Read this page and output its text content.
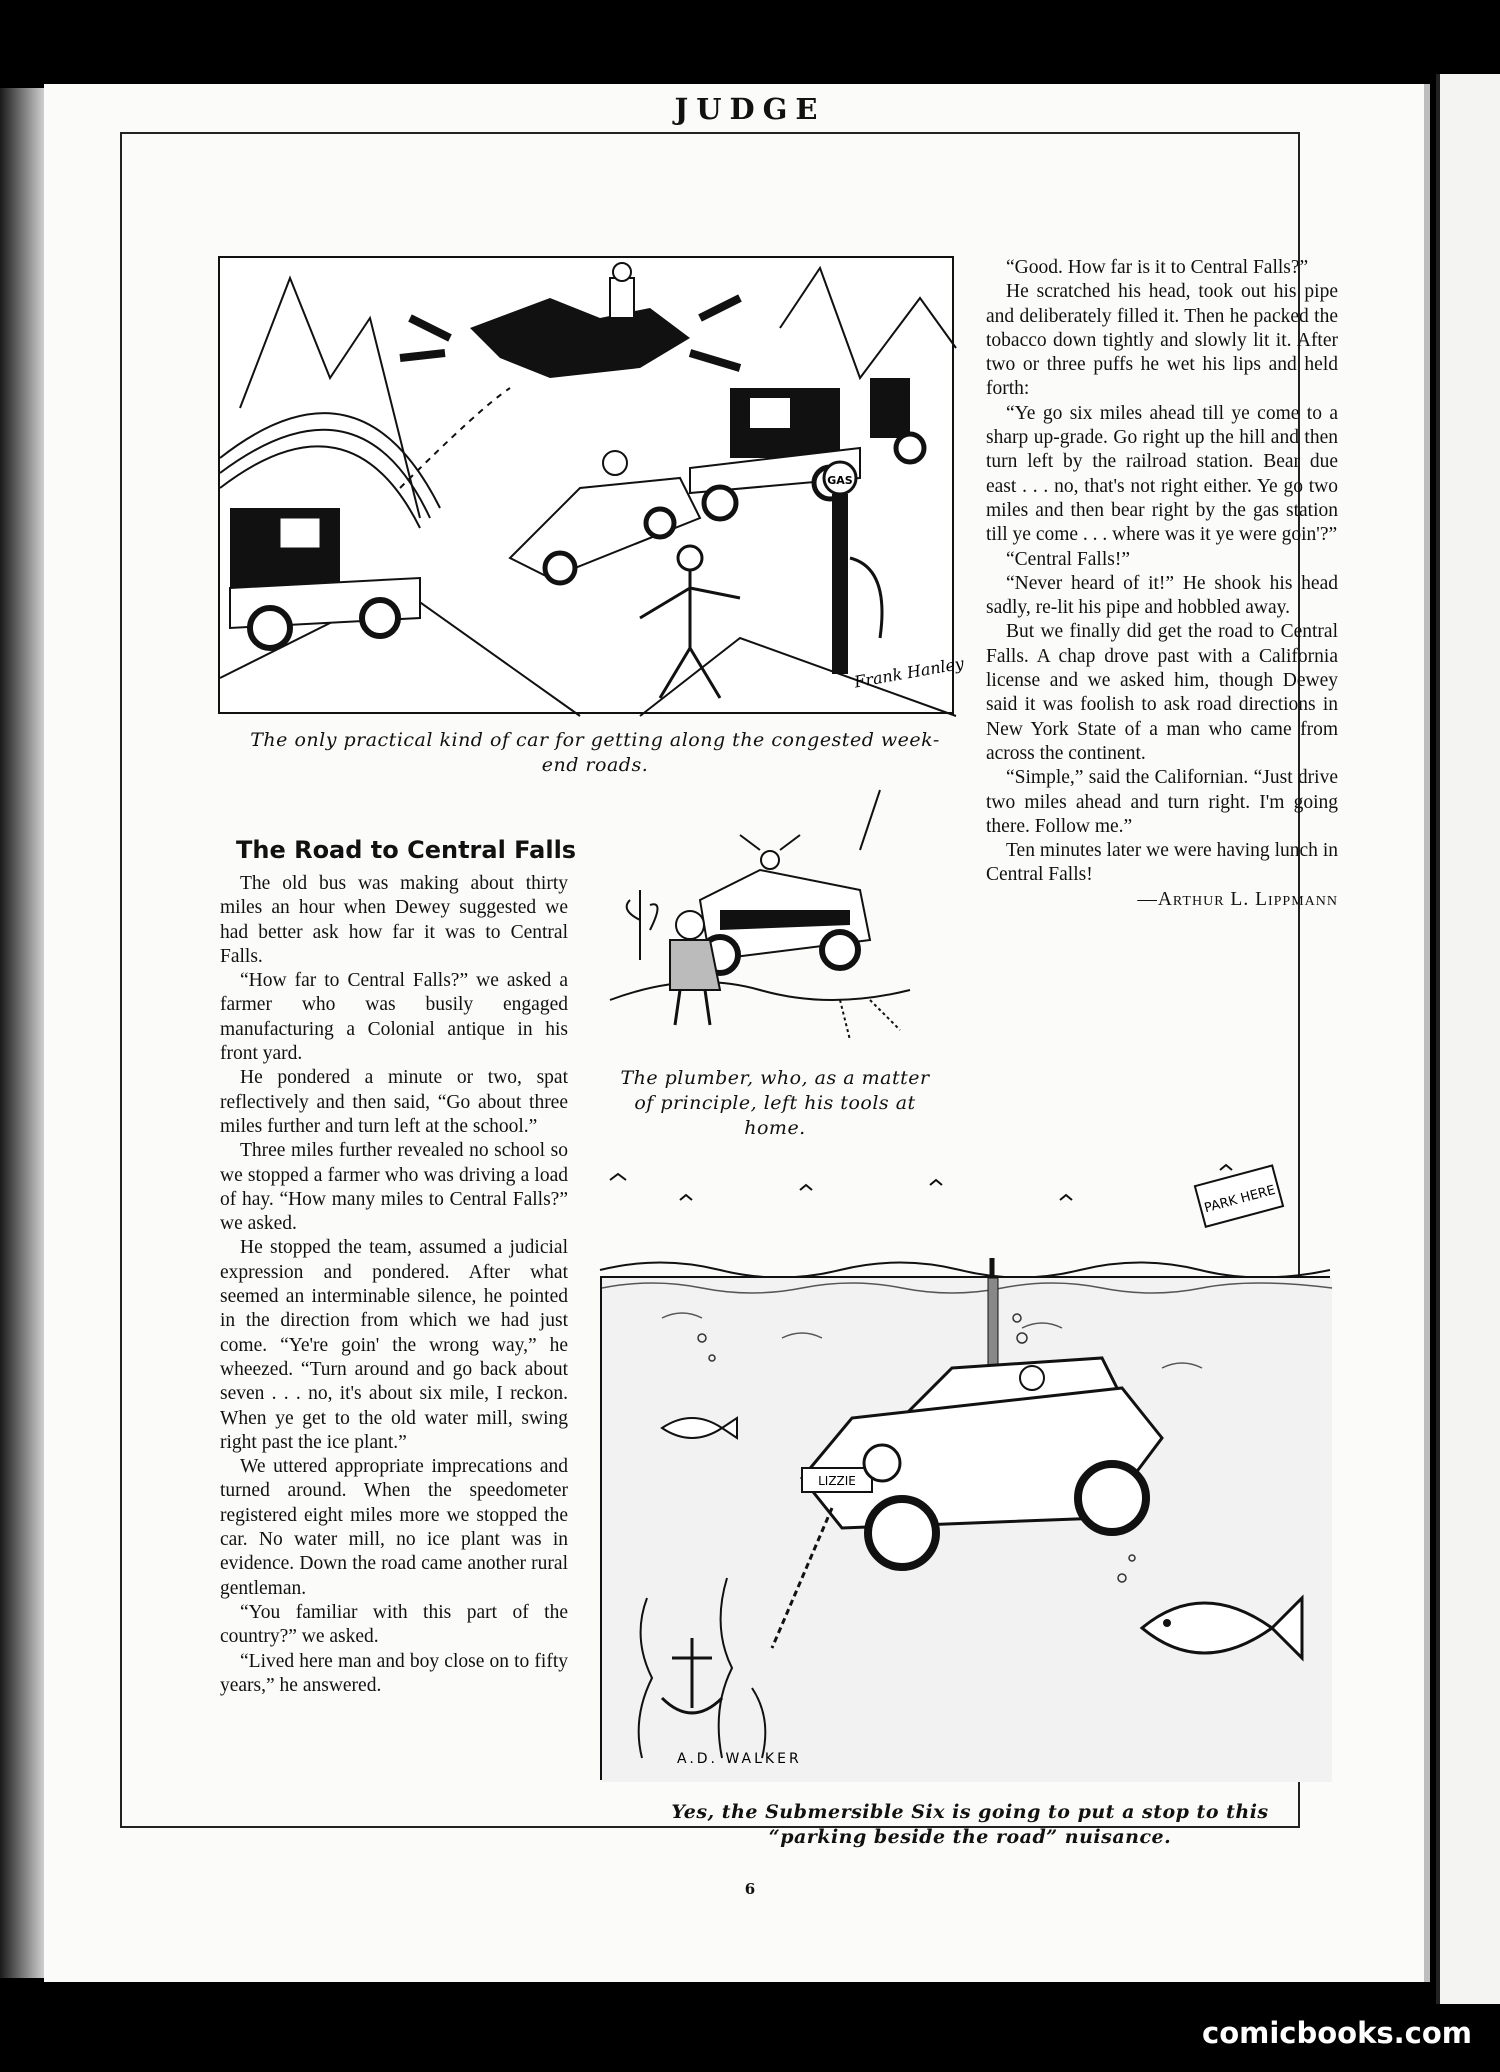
JUDGE
GAS
Frank Hanley
The only practical kind of car for getting along the congested week-end roads.
The Road to Central Falls

The old bus was making about thirty miles an hour when Dewey suggested we had better ask how far it was to Central Falls.

“How far to Central Falls?” we asked a farmer who was busily engaged manufacturing a Colonial antique in his front yard.

He pondered a minute or two, spat reflectively and then said, “Go about three miles further and turn left at the school.”

Three miles further revealed no school so we stopped a farmer who was driving a load of hay. “How many miles to Central Falls?” we asked.

He stopped the team, assumed a judicial expression and pondered. After what seemed an interminable silence, he pointed in the direction from which we had just come. “Ye're goin' the wrong way,” he wheezed. “Turn around and go back about seven . . . no, it's about six mile, I reckon. When ye get to the old water mill, swing right past the ice plant.”

We uttered appropriate imprecations and turned around. When the speedometer registered eight miles more we stopped the car. No water mill, no ice plant was in evidence. Down the road came another rural gentleman.

“You familiar with this part of the country?” we asked.

“Lived here man and boy close on to fifty years,” he answered.

The plumber, who, as a matter of principle, left his tools at home.

“Good. How far is it to Central Falls?”

He scratched his head, took out his pipe and deliberately filled it. Then he packed the tobacco down tightly and slowly lit it. After two or three puffs he wet his lips and held forth:

“Ye go six miles ahead till ye come to a sharp up-grade. Go right up the hill and then turn left by the railroad station. Bear due east . . . no, that's not right either. Ye go two miles and then bear right by the gas station till ye come . . . where was it ye were goin'?”

“Central Falls!”

“Never heard of it!” He shook his head sadly, re-lit his pipe and hobbled away.

But we finally did get the road to Central Falls. A chap drove past with a California license and we asked him, though Dewey said it was foolish to ask road directions in New York State of a man who came from across the continent.

“Simple,” said the Californian. “Just drive two miles ahead and turn right. I'm going there. Follow me.”

Ten minutes later we were having lunch in Central Falls!

—Arthur L. Lippmann

PARK HERE
LIZZIE
A.D. WALKER
Yes, the Submersible Six is going to put a stop to this “parking beside the road” nuisance.
6
comicbooks.com
